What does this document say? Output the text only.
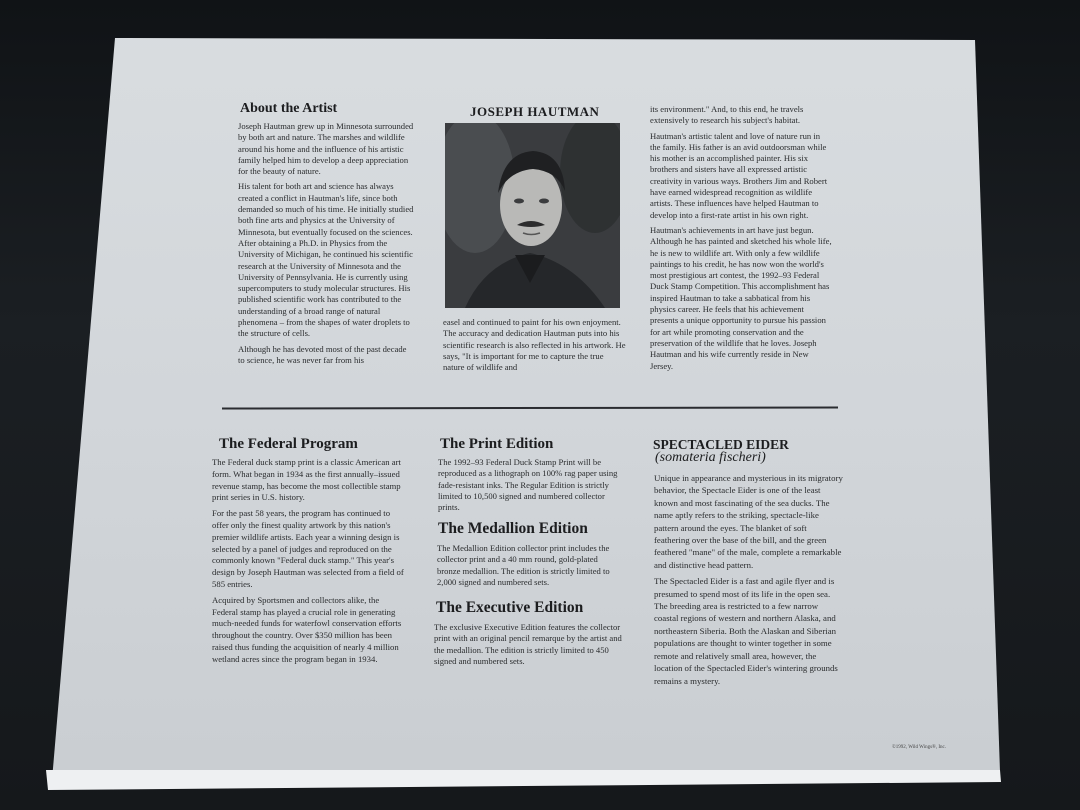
About the Artist

Joseph Hautman grew up in Minnesota surrounded by both art and nature. The marshes and wildlife around his home and the influence of his artistic family helped him to develop a deep appreciation for the beauty of nature.

His talent for both art and science has always created a conflict in Hautman's life, since both demanded so much of his time. He initially studied both fine arts and physics at the University of Minnesota, but eventually focused on the sciences. After obtaining a Ph.D. in Physics from the University of Michigan, he continued his scientific research at the University of Minnesota and the University of Pennsylvania. He is currently using supercomputers to study molecular structures. His published scientific work has contributed to the understanding of a broad range of natural phenomena – from the shapes of water droplets to the structure of cells.

Although he has devoted most of the past decade to science, he was never far from his

JOSEPH HAUTMAN
easel and continued to paint for his own enjoyment. The accuracy and dedication Hautman puts into his scientific research is also reflected in his artwork. He says, "It is important for me to capture the true nature of wildlife and

its environment." And, to this end, he travels extensively to research his subject's habitat.

Hautman's artistic talent and love of nature run in the family. His father is an avid outdoorsman while his mother is an accomplished painter. His six brothers and sisters have all expressed artistic creativity in various ways. Brothers Jim and Robert have earned widespread recognition as wildlife artists. These influences have helped Hautman to develop into a first-rate artist in his own right.

Hautman's achievements in art have just begun. Although he has painted and sketched his whole life, he is new to wildlife art. With only a few wildlife paintings to his credit, he has now won the world's most prestigious art contest, the 1992–93 Federal Duck Stamp Competition. This accomplishment has inspired Hautman to take a sabbatical from his physics career. He feels that his achievement presents a unique opportunity to pursue his passion for art while promoting conservation and the preservation of the wildlife that he loves. Joseph Hautman and his wife currently reside in New Jersey.

The Federal Program

The Federal duck stamp print is a classic American art form. What began in 1934 as the first annually–issued revenue stamp, has become the most collectible stamp print series in U.S. history.

For the past 58 years, the program has continued to offer only the finest quality artwork by this nation's premier wildlife artists. Each year a winning design is selected by a panel of judges and reproduced on the commonly known "Federal duck stamp." This year's design by Joseph Hautman was selected from a field of 585 entries.

Acquired by Sportsmen and collectors alike, the Federal stamp has played a crucial role in generating much-needed funds for waterfowl conservation efforts throughout the country. Over $350 million has been raised thus funding the acquisition of nearly 4 million wetland acres since the program began in 1934.

The Print Edition
The 1992–93 Federal Duck Stamp Print will be reproduced as a lithograph on 100% rag paper using fade-resistant inks. The Regular Edition is strictly limited to 10,500 signed and numbered collector prints.
The Medallion Edition
The Medallion Edition collector print includes the collector print and a 40 mm round, gold-plated bronze medallion. The edition is strictly limited to 2,000 signed and numbered sets.
The Executive Edition
The exclusive Executive Edition features the collector print with an original pencil remarque by the artist and the medallion. The edition is strictly limited to 450 signed and numbered sets.
SPECTACLED EIDER
(somateria fischeri)

Unique in appearance and mysterious in its migratory behavior, the Spectacle Eider is one of the least known and most fascinating of the sea ducks. The name aptly refers to the striking, spectacle-like pattern around the eyes. The blanket of soft feathering over the base of the bill, and the green feathered "mane" of the male, complete a remarkable and distinctive head pattern.

The Spectacled Eider is a fast and agile flyer and is presumed to spend most of its life in the open sea. The breeding area is restricted to a few narrow coastal regions of western and northern Alaska, and northeastern Siberia. Both the Alaskan and Siberian populations are thought to winter together in some remote and relatively small area, however, the location of the Spectacled Eider's wintering grounds remains a mystery.

©1992, Wild Wings®, Inc.
